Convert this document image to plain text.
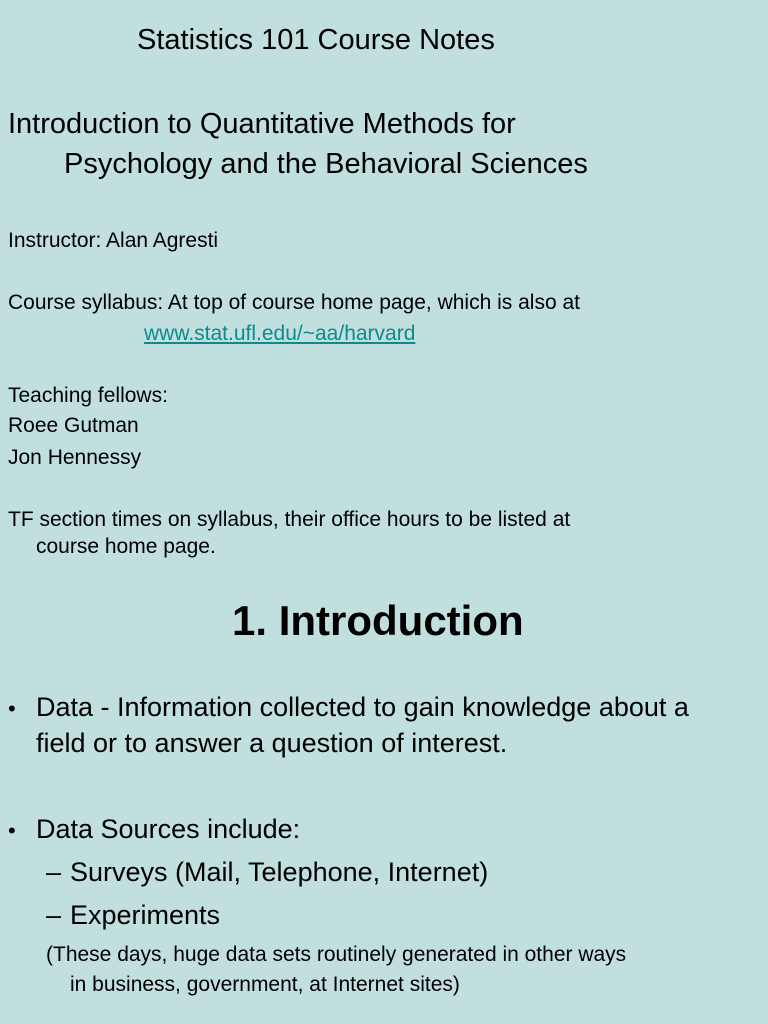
Statistics 101 Course Notes
Introduction to Quantitative Methods for
Psychology and the Behavioral Sciences
Instructor: Alan Agresti
Course syllabus: At top of course home page, which is also at
www.stat.ufl.edu/~aa/harvard
Teaching fellows:
Roee Gutman
Jon Hennessy
TF section times on syllabus, their office hours to be listed at
course home page.
1. Introduction
• Data - Information collected to gain knowledge about a
field or to answer a question of interest.
• Data Sources include:
– Surveys (Mail, Telephone, Internet)
– Experiments
(These days, huge data sets routinely generated in other ways
in business, government, at Internet sites)
